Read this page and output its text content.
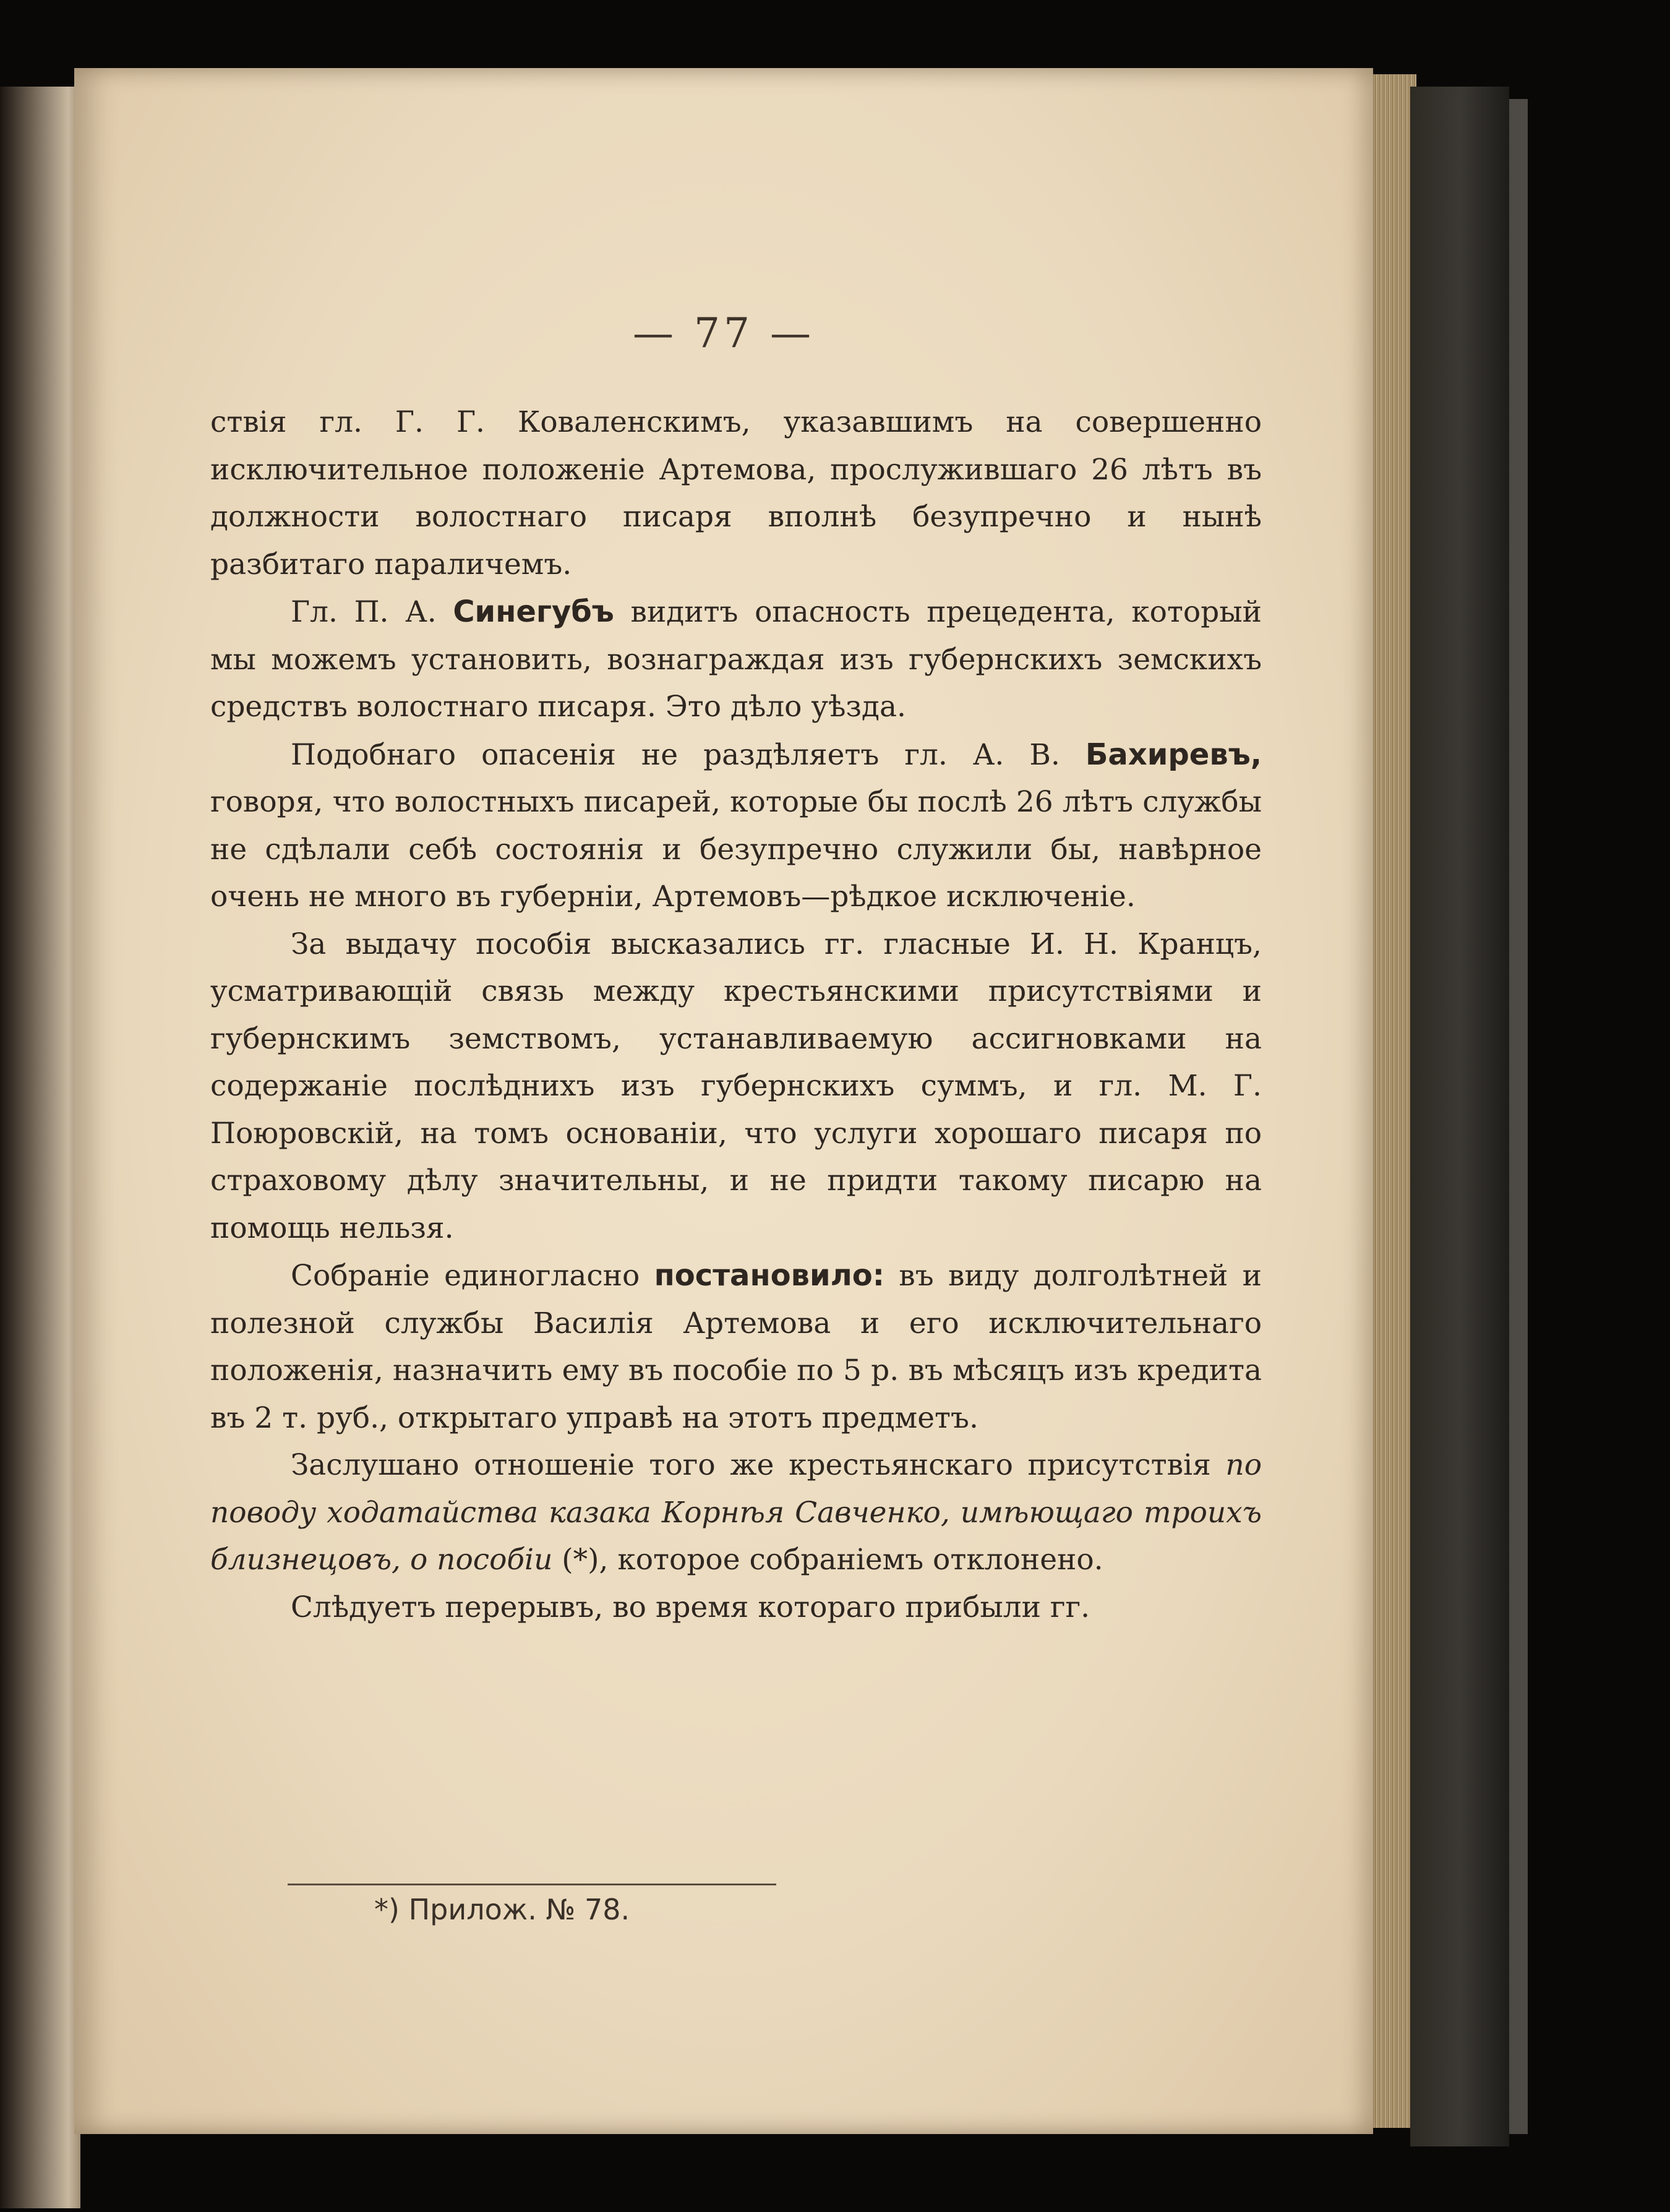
— 77 —

ствія гл. Г. Г. Коваленскимъ, указавшимъ на совершенно исключительное положеніе Артемова, прослужившаго 26 лѣтъ въ должности волостнаго писаря вполнѣ безупречно и нынѣ разбитаго параличемъ.

Гл. П. А. Синегубъ видитъ опасность прецедента, который мы можемъ установить, вознаграждая изъ губернскихъ земскихъ средствъ волостнаго писаря. Это дѣло уѣзда.

Подобнаго опасенія не раздѣляетъ гл. А. В. Бахиревъ, говоря, что волостныхъ писарей, которые бы послѣ 26 лѣтъ службы не сдѣлали себѣ состоянія и безупречно служили бы, навѣрное очень не много въ губерніи, Артемовъ—рѣдкое исключеніе.

За выдачу пособія высказались гг. гласные И. Н. Кранцъ, усматривающій связь между крестьянскими присутствіями и губернскимъ земствомъ, устанавливаемую ассигновками на содержаніе послѣднихъ изъ губернскихъ суммъ, и гл. М. Г. Поюровскій, на томъ основаніи, что услуги хорошаго писаря по страховому дѣлу значительны, и не придти такому писарю на помощь нельзя.

Собраніе единогласно постановило: въ виду долголѣтней и полезной службы Василія Артемова и его исключительнаго положенія, назначить ему въ пособіе по 5 р. въ мѣсяцъ изъ кредита въ 2 т. руб., открытаго управѣ на этотъ предметъ.

Заслушано отношеніе того же крестьянскаго присутствія по поводу ходатайства казака Корнѣя Савченко, имѣющаго троихъ близнецовъ, о пособіи (*), которое собраніемъ отклонено.

Слѣдуетъ перерывъ, во время котораго прибыли гг.

*) Прилож. № 78.
